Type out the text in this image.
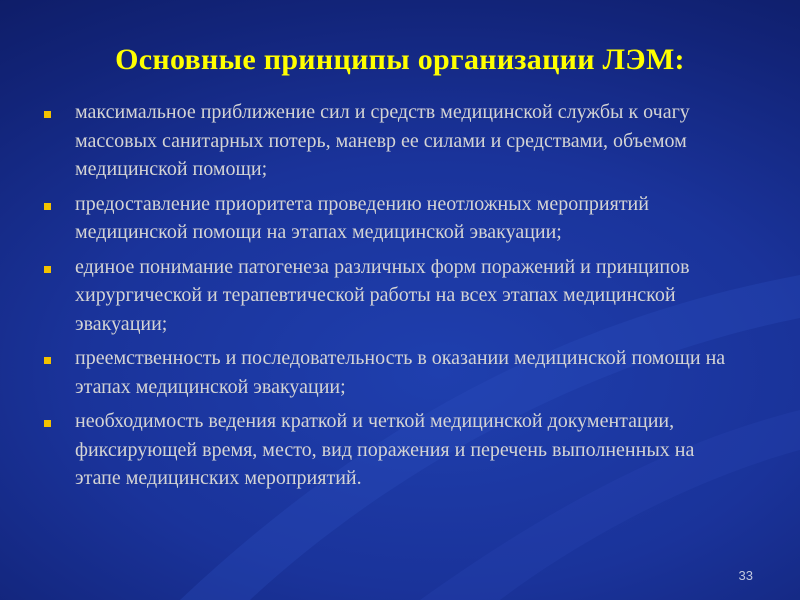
Основные принципы организации ЛЭМ:
максимальное приближение сил и средств медицинской службы к очагу массовых санитарных потерь, маневр ее силами и средствами, объемом медицинской помощи;
предоставление приоритета проведению неотложных мероприятий медицинской помощи на этапах медицинской эвакуации;
единое понимание патогенеза различных форм поражений и принципов хирургической и терапевтической работы на всех этапах медицинской эвакуации;
преемственность и последовательность в оказании медицинской помощи на этапах медицинской эвакуации;
необходимость ведения краткой и четкой медицинской документации, фиксирующей время, место, вид поражения и перечень выполненных на этапе медицинских мероприятий.
33
